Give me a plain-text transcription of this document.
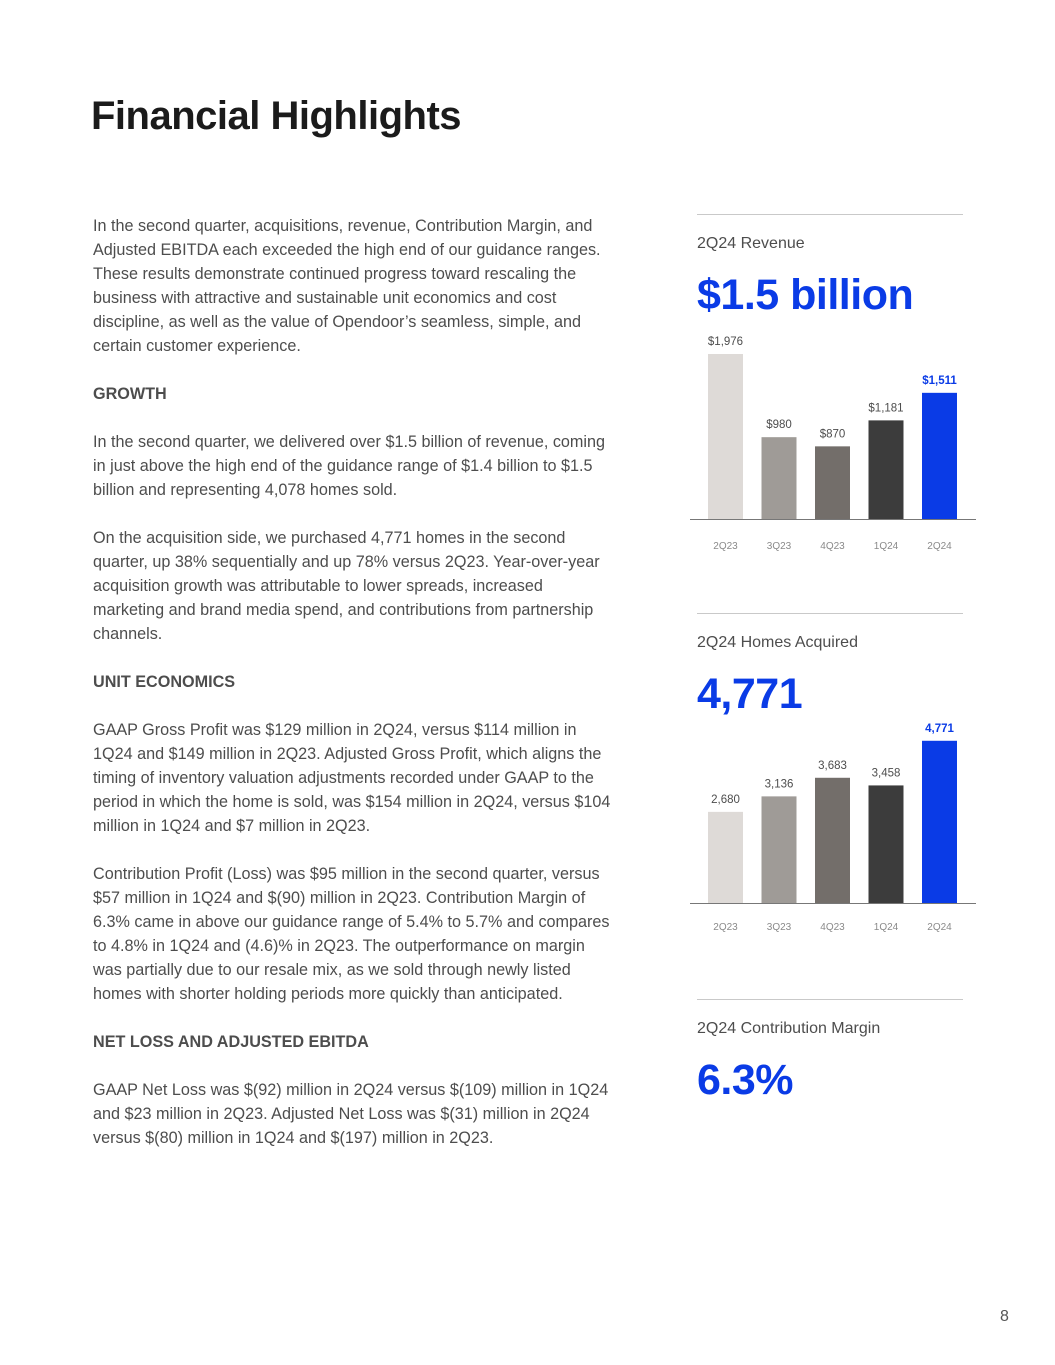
Financial Highlights

In the second quarter, acquisitions, revenue, Contribution Margin, and Adjusted EBITDA each exceeded the high end of our guidance ranges. These results demonstrate continued progress toward rescaling the business with attractive and sustainable unit economics and cost discipline, as well as the value of Opendoor’s seamless, simple, and certain customer experience.

GROWTH

In the second quarter, we delivered over $1.5 billion of revenue, coming in just above the high end of the guidance range of $1.4 billion to $1.5 billion and representing 4,078 homes sold.

On the acquisition side, we purchased 4,771 homes in the second quarter, up 38% sequentially and up 78% versus 2Q23. Year-over-year acquisition growth was attributable to lower spreads, increased marketing and brand media spend, and contributions from partnership channels.

UNIT ECONOMICS

GAAP Gross Profit was $129 million in 2Q24, versus $114 million in 1Q24 and $149 million in 2Q23. Adjusted Gross Profit, which aligns the timing of inventory valuation adjustments recorded under GAAP to the period in which the home is sold, was $154 million in 2Q24, versus $104 million in 1Q24 and $7 million in 2Q23.

Contribution Profit (Loss) was $95 million in the second quarter, versus $57 million in 1Q24 and $(90) million in 2Q23. Contribution Margin of 6.3% came in above our guidance range of 5.4% to 5.7% and compares to 4.8% in 1Q24 and (4.6)% in 2Q23. The outperformance on margin was partially due to our resale mix, as we sold through newly listed homes with shorter holding periods more quickly than anticipated.

NET LOSS AND ADJUSTED EBITDA

GAAP Net Loss was $(92) million in 2Q24 versus $(109) million in 1Q24 and $23 million in 2Q23. Adjusted Net Loss was $(31) million in 2Q24 versus $(80) million in 1Q24 and $(197) million in 2Q23.

2Q24 Revenue
$1.5 billion
$1,976
2Q23
$980
3Q23
$870
4Q23
$1,181
1Q24
$1,511
2Q24
2Q24 Homes Acquired
4,771
2,680
2Q23
3,136
3Q23
3,683
4Q23
3,458
1Q24
4,771
2Q24
2Q24 Contribution Margin
6.3%
8
